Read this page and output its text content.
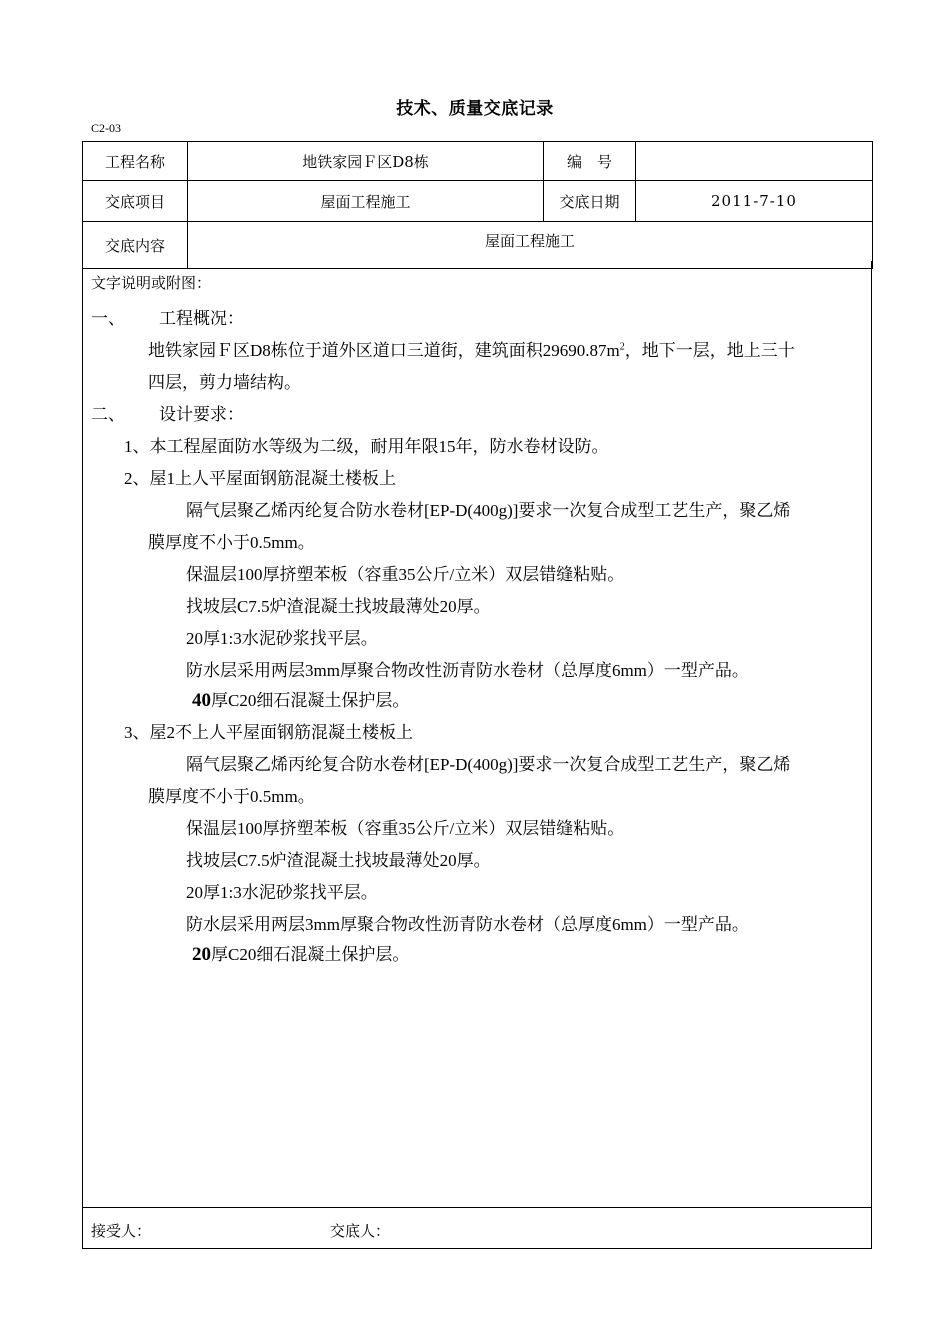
技术、质量交底记录
C2-03
工程名称	地铁家园Ｆ区D8栋	编　号	
交底项目	屋面工程施工	交底日期	2011-7-10
交底内容	屋面工程施工		
文字说明或附图：
一、 工程概况：
地铁家园Ｆ区D8栋位于道外区道口三道街，建筑面积$29690.87m^2$，地下一层，地上三十
四层，剪力墙结构。
二、 设计要求：
1、本工程屋面防水等级为二级，耐用年限15年，防水卷材设防。
2、屋1上人平屋面钢筋混凝土楼板上
隔气层聚乙烯丙纶复合防水卷材[EP-D(400g)]要求一次复合成型工艺生产，聚乙烯
膜厚度不小于0.5mm。
保温层100厚挤塑苯板（容重35公斤/立米）双层错缝粘贴。
找坡层C7.5炉渣混凝土找坡最薄处20厚。
20厚1:3水泥砂浆找平层。
防水层采用两层3mm厚聚合物改性沥青防水卷材（总厚度6mm）一型产品。
40厚C20细石混凝土保护层。
3、屋2不上人平屋面钢筋混凝土楼板上
隔气层聚乙烯丙纶复合防水卷材[EP-D(400g)]要求一次复合成型工艺生产，聚乙烯
膜厚度不小于0.5mm。
保温层100厚挤塑苯板（容重35公斤/立米）双层错缝粘贴。
找坡层C7.5炉渣混凝土找坡最薄处20厚。
20厚1:3水泥砂浆找平层。
防水层采用两层3mm厚聚合物改性沥青防水卷材（总厚度6mm）一型产品。
20厚C20细石混凝土保护层。
接受人：	交底人：
